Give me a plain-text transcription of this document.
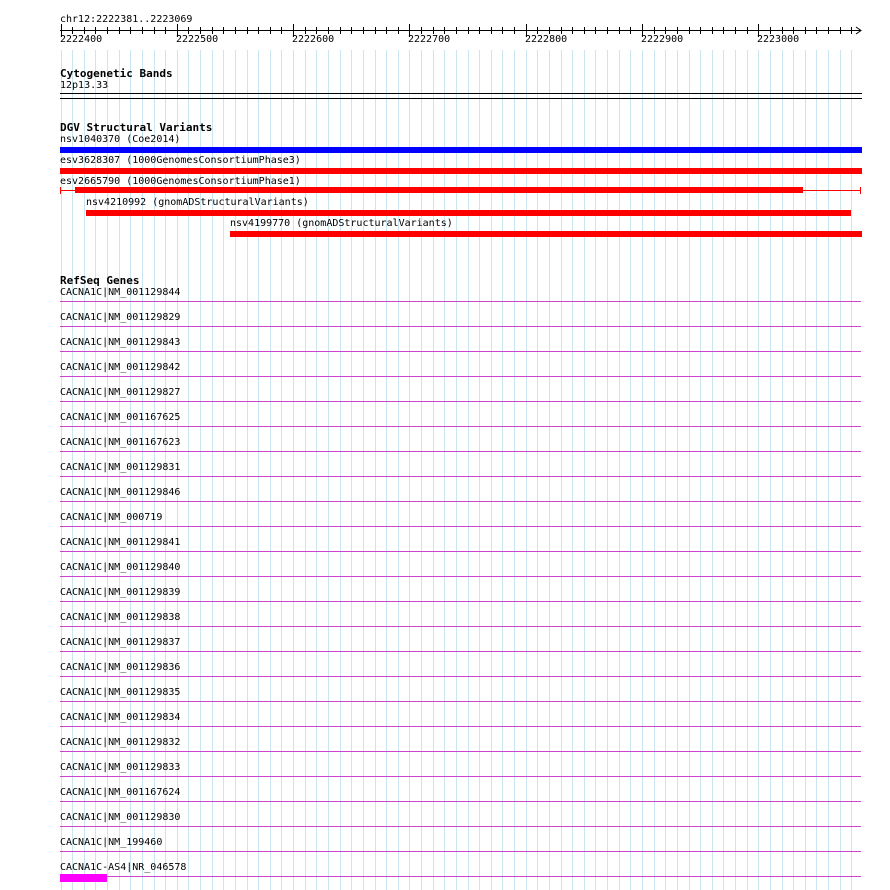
chr12:2222381..2223069
2222400	2222500	2222600	2222700	2222800	2222900	2223000
Cytogenetic Bands
12p13.33
DGV Structural Variants
nsv1040370 (Coe2014)
esv3628307 (1000GenomesConsortiumPhase3)
esv2665790 (1000GenomesConsortiumPhase1)
nsv4210992 (gnomADStructuralVariants)
nsv4199770 (gnomADStructuralVariants)
RefSeq Genes
CACNA1C|NM_001129844
CACNA1C|NM_001129829
CACNA1C|NM_001129843
CACNA1C|NM_001129842
CACNA1C|NM_001129827
CACNA1C|NM_001167625
CACNA1C|NM_001167623
CACNA1C|NM_001129831
CACNA1C|NM_001129846
CACNA1C|NM_000719
CACNA1C|NM_001129841
CACNA1C|NM_001129840
CACNA1C|NM_001129839
CACNA1C|NM_001129838
CACNA1C|NM_001129837
CACNA1C|NM_001129836
CACNA1C|NM_001129835
CACNA1C|NM_001129834
CACNA1C|NM_001129832
CACNA1C|NM_001129833
CACNA1C|NM_001167624
CACNA1C|NM_001129830
CACNA1C|NM_199460
CACNA1C-AS4|NR_046578
